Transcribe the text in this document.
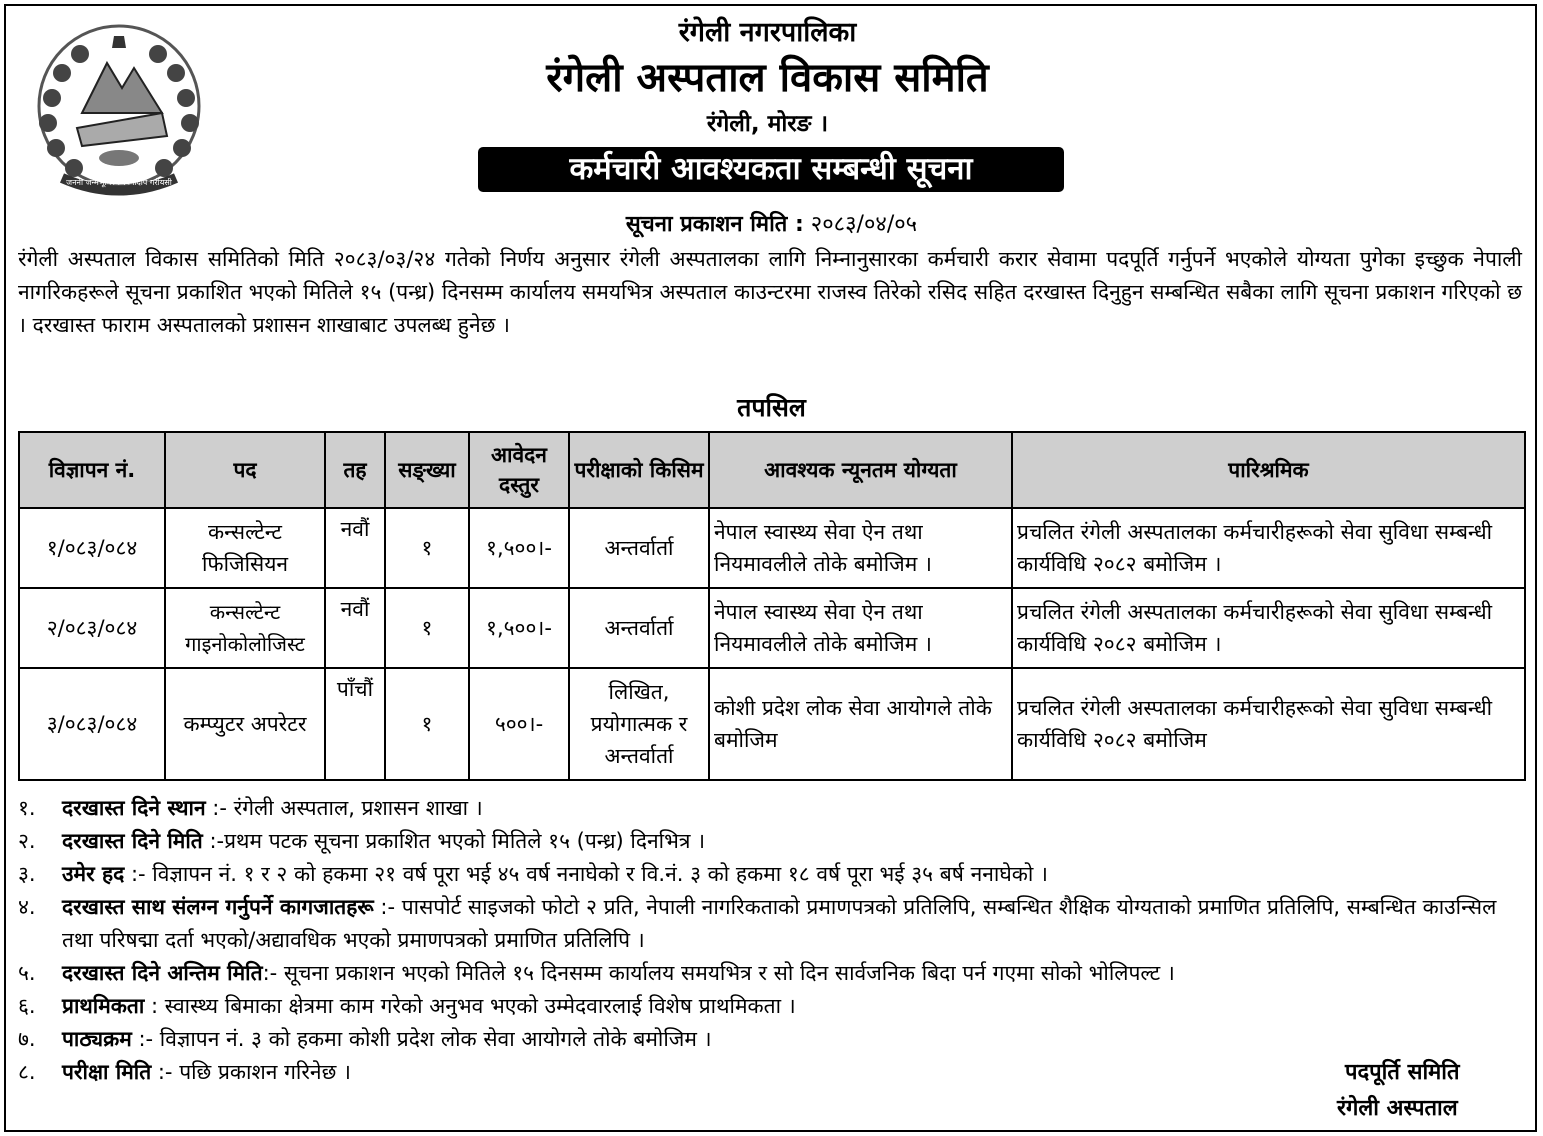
जननी जन्मभूमिश्च स्वर्गादपि गरीयसी
रंगेली नगरपालिका
रंगेली अस्पताल विकास समिति
रंगेली, मोरङ ।
कर्मचारी आवश्यकता सम्बन्धी सूचना
सूचना प्रकाशन मिति : २०८३/०४/०५
रंगेली अस्पताल विकास समितिको मिति २०८३/०३/२४ गतेको निर्णय अनुसार रंगेली अस्पतालका लागि निम्नानुसारका कर्मचारी करार सेवामा पदपूर्ति गर्नुपर्ने भएकोले योग्यता पुगेका इच्छुक नेपाली नागरिकहरूले सूचना प्रकाशित भएको मितिले १५ (पन्ध्र) दिनसम्म कार्यालय समयभित्र अस्पताल काउन्टरमा राजस्व तिरेको रसिद सहित दरखास्त दिनुहुन सम्बन्धित सबैका लागि सूचना प्रकाशन गरिएको छ । दरखास्त फाराम अस्पतालको प्रशासन शाखाबाट उपलब्ध हुनेछ ।
तपसिल
विज्ञापन नं.	पद	तह	सङ्ख्या	आवेदन दस्तुर	परीक्षाको किसिम	आवश्यक न्यूनतम योग्यता	पारिश्रमिक
१/०८३/०८४	कन्सल्टेन्ट फिजिसियन	नवौं	१	१,५००।-	अन्तर्वार्ता	नेपाल स्वास्थ्य सेवा ऐन तथा नियमावलीले तोके बमोजिम ।	प्रचलित रंगेली अस्पतालका कर्मचारीहरूको सेवा सुविधा सम्बन्धी कार्यविधि २०८२ बमोजिम ।
२/०८३/०८४	कन्सल्टेन्ट गाइनोकोलोजिस्ट	नवौं	१	१,५००।-	अन्तर्वार्ता	नेपाल स्वास्थ्य सेवा ऐन तथा नियमावलीले तोके बमोजिम ।	प्रचलित रंगेली अस्पतालका कर्मचारीहरूको सेवा सुविधा सम्बन्धी कार्यविधि २०८२ बमोजिम ।
३/०८३/०८४	कम्प्युटर अपरेटर	पाँचौं	१	५००।-	लिखित, प्रयोगात्मक र अन्तर्वार्ता	कोशी प्रदेश लोक सेवा आयोगले तोके बमोजिम	प्रचलित रंगेली अस्पतालका कर्मचारीहरूको सेवा सुविधा सम्बन्धी कार्यविधि २०८२ बमोजिम
१.	दरखास्त दिने स्थान :- रंगेली अस्पताल, प्रशासन शाखा ।
२.	दरखास्त दिने मिति :-प्रथम पटक सूचना प्रकाशित भएको मितिले १५ (पन्ध्र) दिनभित्र ।
३.	उमेर हद :- विज्ञापन नं. १ र २ को हकमा २१ वर्ष पूरा भई ४५ वर्ष ननाघेको र वि.नं. ३ को हकमा १८ वर्ष पूरा भई ३५ बर्ष ननाघेको ।
४.	दरखास्त साथ संलग्न गर्नुपर्ने कागजातहरू :- पासपोर्ट साइजको फोटो २ प्रति, नेपाली नागरिकताको प्रमाणपत्रको प्रतिलिपि, सम्बन्धित शैक्षिक योग्यताको प्रमाणित प्रतिलिपि, सम्बन्धित काउन्सिल तथा परिषद्मा दर्ता भएको/अद्यावधिक भएको प्रमाणपत्रको प्रमाणित प्रतिलिपि ।
५.	दरखास्त दिने अन्तिम मिति:- सूचना प्रकाशन भएको मितिले १५ दिनसम्म कार्यालय समयभित्र र सो दिन सार्वजनिक बिदा पर्न गएमा सोको भोलिपल्ट ।
६.	प्राथमिकता : स्वास्थ्य बिमाका क्षेत्रमा काम गरेको अनुभव भएको उम्मेदवारलाई विशेष प्राथमिकता ।
७.	पाठ्यक्रम :- विज्ञापन नं. ३ को हकमा कोशी प्रदेश लोक सेवा आयोगले तोके बमोजिम ।
८.	परीक्षा मिति :- पछि प्रकाशन गरिनेछ ।	पदपूर्ति समिति
रंगेली अस्पताल
